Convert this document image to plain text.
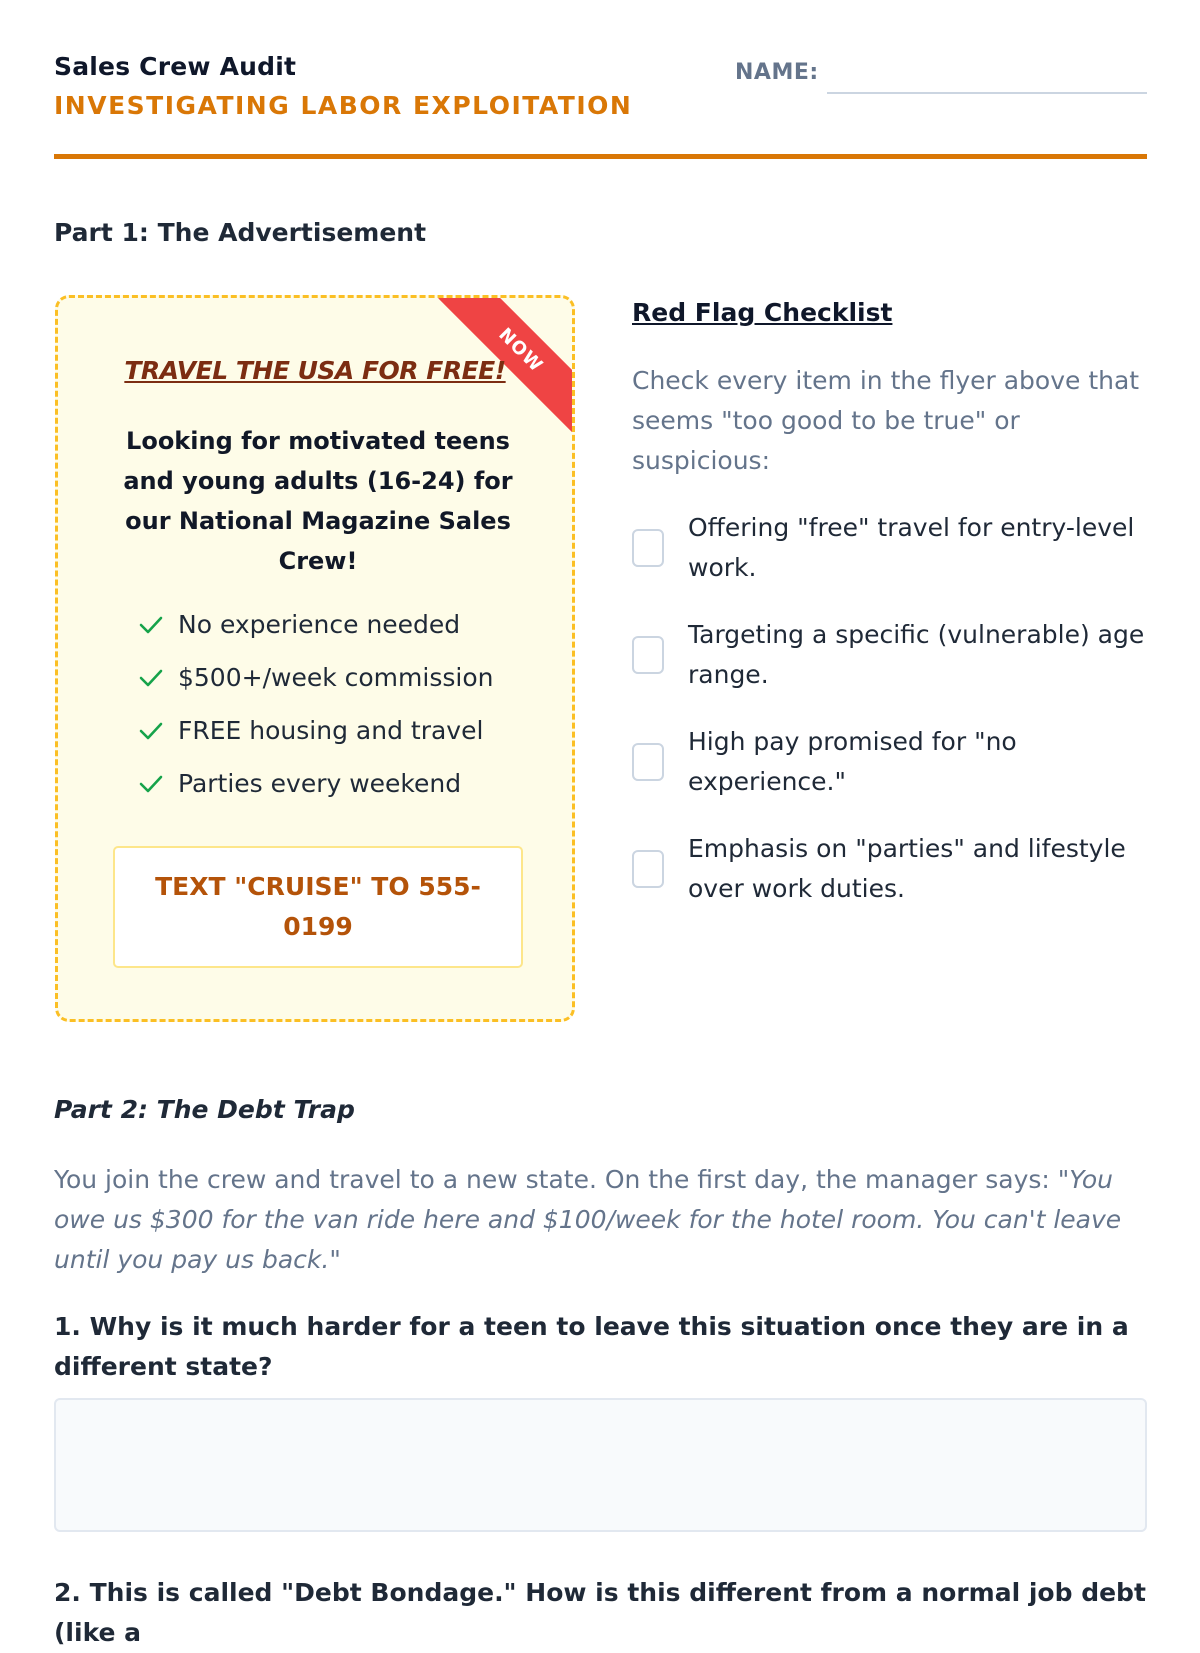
Sales Crew Audit
INVESTIGATING LABOR EXPLOITATION
NAME:
Part 1: The Advertisement
NOW
TRAVEL THE USA FOR FREE!
Looking for motivated teens and young adults (16-24) for our National Magazine Sales Crew!
No experience needed
$500+/week commission
FREE housing and travel
Parties every weekend
TEXT "CRUISE" TO 555-0199
Red Flag Checklist
Check every item in the flyer above that seems "too good to be true" or suspicious:
Offering "free" travel for entry-level work.
Targeting a specific (vulnerable) age range.
High pay promised for "no experience."
Emphasis on "parties" and lifestyle over work duties.
Part 2: The Debt Trap
You join the crew and travel to a new state. On the first day, the manager says: "You owe us $300 for the van ride here and $100/week for the hotel room. You can't leave until you pay us back."
1. Why is it much harder for a teen to leave this situation once they are in a different state?
2. This is called "Debt Bondage." How is this different from a normal job debt (like a
